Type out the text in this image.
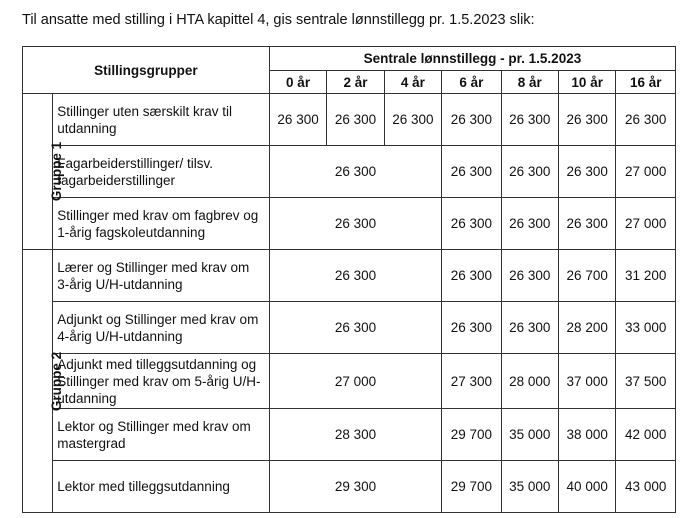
Til ansatte med stilling i HTA kapittel 4, gis sentrale lønnstillegg pr. 1.5.2023 slik:
Stillingsgrupper		Sentrale lønnstillegg - pr. 1.5.2023						
		0 år	2 år	4 år	6 år	8 år	10 år	16 år
Gruppe 1	Stillinger uten særskilt krav til utdanning	26 300	26 300	26 300	26 300	26 300	26 300	26 300
	Fagarbeiderstillinger/ tilsv. fagarbeiderstillinger	26 300			26 300	26 300	26 300	27 000
	Stillinger med krav om fagbrev og 1-årig fagskoleutdanning	26 300			26 300	26 300	26 300	27 000
Gruppe 2	Lærer og Stillinger med krav om 3-årig U/H-utdanning	26 300			26 300	26 300	26 700	31 200
	Adjunkt og Stillinger med krav om 4-årig U/H-utdanning	26 300			26 300	26 300	28 200	33 000
	Adjunkt med tilleggsutdanning og Stillinger med krav om 5-årig U/H-utdanning	27 000			27 300	28 000	37 000	37 500
	Lektor og Stillinger med krav om mastergrad	28 300			29 700	35 000	38 000	42 000
	Lektor med tilleggsutdanning	29 300			29 700	35 000	40 000	43 000
